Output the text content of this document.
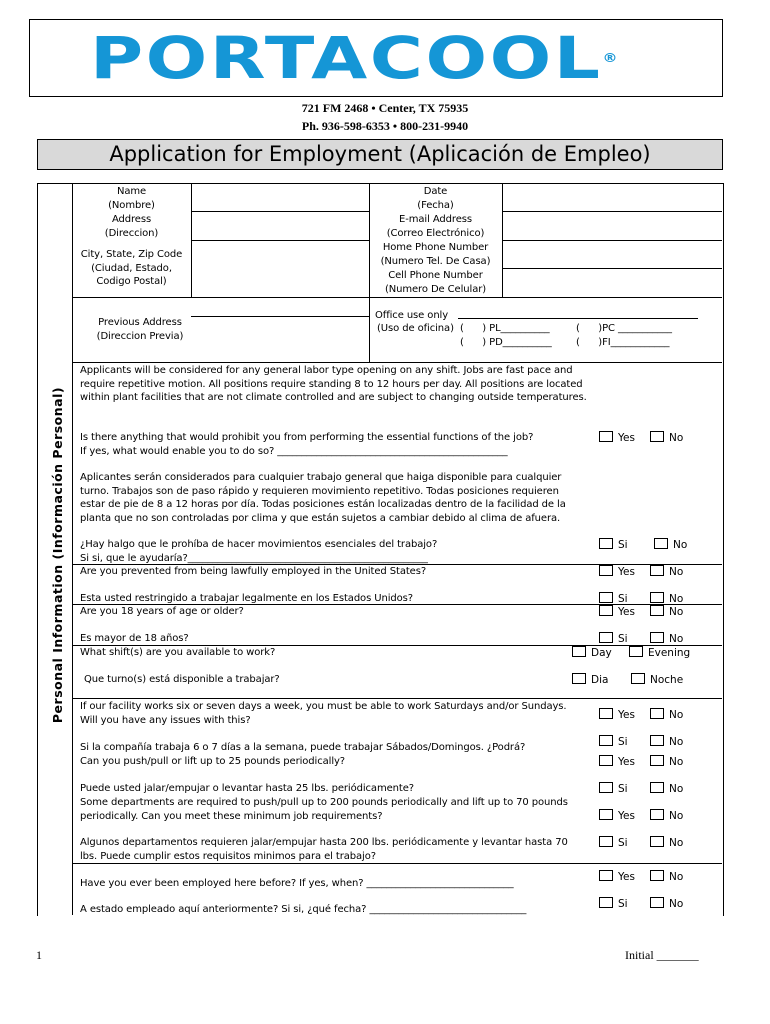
PORTACOOL®
721 FM 2468 • Center, TX 75935
Ph. 936-598-6353 • 800-231-9940
Application for Employment (Aplicación de Empleo)
Personal Information (Información Personal)
Name
(Nombre)
Address
(Direccion)
City, State, Zip Code
(Ciudad, Estado,
Codigo Postal)
Previous Address
(Direccion Previa)
Date
(Fecha)
E-mail Address
(Correo Electrónico)
Home Phone Number
(Numero Tel. De Casa)
Cell Phone Number
(Numero De Celular)
Office use only
(Uso de oficina) (      ) PL__________	(      )PC ___________
(      ) PD__________ (      )FI____________
Applicants will be considered for any general labor type opening on any shift. Jobs are fast pace and require repetitive motion. All positions require standing 8 to 12 hours per day. All positions are located within plant facilities that are not climate controlled and are subject to changing outside temperatures.
Is there anything that would prohibit you from performing the essential functions of the job?
If yes, what would enable you to do so? _______________________________________________
Yes	No
Aplicantes serán considerados para cualquier trabajo general que haiga disponible para cualquier turno. Trabajos son de paso rápido y requieren movimiento repetitivo. Todas posiciones requieren estar de pie de 8 a 12 horas por día. Todas posiciones están localizadas dentro de la facilidad de la planta que no son controladas por clima y que están sujetos a cambiar debido al clima de afuera.
¿Hay halgo que le prohíba de hacer movimientos esenciales del trabajo?
Si si, que le ayudaría?_________________________________________________
Si	No
Are you prevented from being lawfully employed in the United States?	Yes	No
Esta usted restringido a trabajar legalmente en los Estados Unidos?	Si	No
Are you 18 years of age or older?	Yes	No
Es mayor de 18 años?	Si	No
What shift(s) are you available to work?	Day	Evening
Que turno(s) está disponible a trabajar?	Dia	Noche
If our facility works six or seven days a week, you must be able to work Saturdays and/or Sundays. Will you have any issues with this?	Yes	No
Si la compañía trabaja 6 o 7 días a la semana, puede trabajar Sábados/Domingos. ¿Podrá?	Si	No
Can you push/pull or lift up to 25 pounds periodically?	Yes	No
Puede usted jalar/empujar o levantar hasta 25 lbs. periódicamente?	Si	No
Some departments are required to push/pull up to 200 pounds periodically and lift up to 70 pounds periodically. Can you meet these minimum job requirements?	Yes	No
Algunos departamentos requieren jalar/empujar hasta 200 lbs. periódicamente y levantar hasta 70 lbs. Puede cumplir estos requisitos minimos para el trabajo?
Si	No
Have you ever been employed here before? If yes, when? ______________________________
Yes	No
A estado empleado aquí anteriormente? Si si, ¿qué fecha? ________________________________	Si	No
1	Initial _______
